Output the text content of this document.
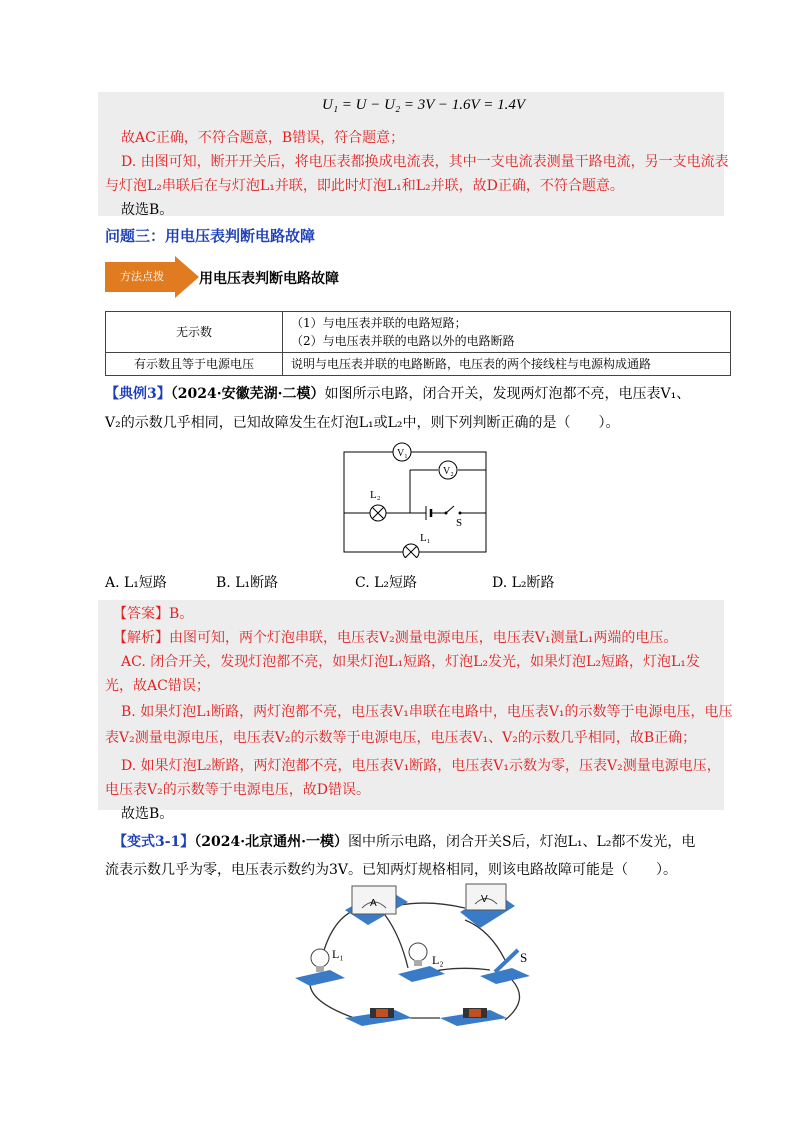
U₁ = U − U₂ = 3V − 1.6V = 1.4V
故AC正确，不符合题意，B错误，符合题意；
D. 由图可知，断开开关后，将电压表都换成电流表，其中一支电流表测量干路电流，另一支电流表
与灯泡L₂串联后在与灯泡L₁并联，即此时灯泡L₁和L₂并联，故D正确，不符合题意。
故选B。
问题三：用电压表判断电路故障
方法点拨	用电压表判断电路故障
无示数	（1）与电压表并联的电路短路；
（2）与电压表并联的电路以外的电路断路

有示数且等于电源电压	说明与电压表并联的电路断路，电压表的两个接线柱与电源构成通路
【典例3】（2024·安徽芜湖·二模）如图所示电路，闭合开关，发现两灯泡都不亮，电压表V₁、
V₂的示数几乎相同，已知故障发生在灯泡L₁或L₂中，则下列判断正确的是（　　）。
V₁
V₂
L₂
S
L₁
A. L₁短路	B. L₁断路	C. L₂短路	D. L₂断路
【答案】B。
【解析】由图可知，两个灯泡串联，电压表V₂测量电源电压，电压表V₁测量L₁两端的电压。
AC. 闭合开关，发现灯泡都不亮，如果灯泡L₁短路，灯泡L₂发光，如果灯泡L₂短路，灯泡L₁发
光，故AC错误；
B. 如果灯泡L₁断路，两灯泡都不亮，电压表V₁串联在电路中，电压表V₁的示数等于电源电压，电压
表V₂测量电源电压，电压表V₂的示数等于电源电压，电压表V₁、V₂的示数几乎相同，故B正确；
D. 如果灯泡L₂断路，两灯泡都不亮，电压表V₁断路，电压表V₁示数为零，压表V₂测量电源电压，
电压表V₂的示数等于电源电压，故D错误。
故选B。
【变式3-1】（2024·北京通州·一模）图中所示电路，闭合开关S后，灯泡L₁、L₂都不发光，电
流表示数几乎为零，电压表示数约为3V。已知两灯规格相同，则该电路故障可能是（　　）。
A	V
L₁	L₂	S
